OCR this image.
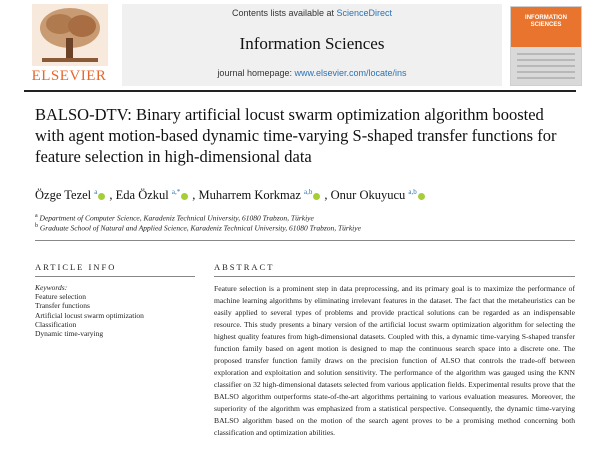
ELSEVIER
Contents lists available at ScienceDirect
Information Sciences
journal homepage: www.elsevier.com/locate/ins
INFORMATION SCIENCES
BALSO-DTV: Binary artificial locust swarm optimization algorithm boosted with agent motion-based dynamic time-varying S-shaped transfer functions for feature selection in high-dimensional data
Özge Tezel $^a$ , Eda Özkul $^{a,*}$ , Muharrem Korkmaz $^{a,b}$ , Onur Okuyucu $^{a,b}$
$^a$ Department of Computer Science, Karadeniz Technical University, 61080 Trabzon, Türkiye
$^b$ Graduate School of Natural and Applied Science, Karadeniz Technical University, 61080 Trabzon, Türkiye
ARTICLE INFO	ABSTRACT
Keywords:
Feature selection
Transfer functions
Artificial locust swarm optimization
Classification
Dynamic time-varying
Feature selection is a prominent step in data preprocessing, and its primary goal is to maximize the performance of machine learning algorithms by eliminating irrelevant features in the dataset. The fact that the metaheuristics can be easily applied to several types of problems and provide practical solutions can be regarded as an indispensable resource. This study presents a binary version of the artificial locust swarm optimization algorithm for selecting the highest quality features from high-dimensional datasets. Coupled with this, a dynamic time-varying S-shaped transfer function family based on agent motion is designed to map the continuous search space into a discrete one. The proposed transfer function family draws on the precision function of ALSO that controls the trade-off between exploration and exploitation and solution sensitivity. The performance of the algorithm was gauged using the KNN classifier on 32 high-dimensional datasets selected from various application fields. Experimental results prove that the BALSO algorithm outperforms state-of-the-art algorithms pertaining to various evaluation measures. Moreover, the superiority of the algorithm was emphasized from a statistical perspective. Consequently, the dynamic time-varying BALSO algorithm based on the motion of the search agent proves to be a promising method concerning both classification and optimization abilities.
